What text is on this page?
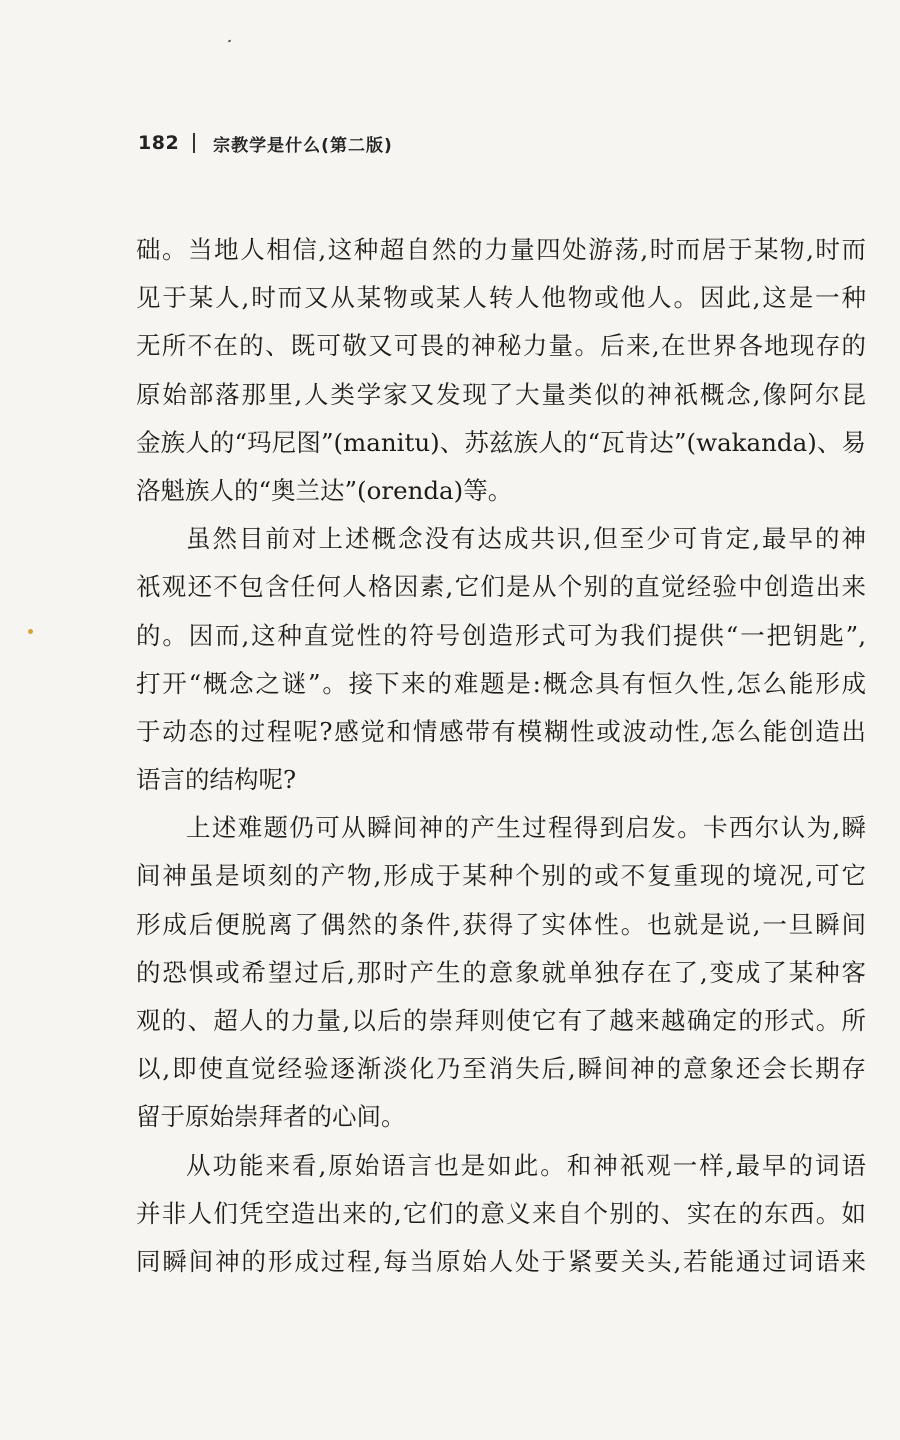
182 宗教学是什么(第二版)
础。当地人相信,这种超自然的力量四处游荡,时而居于某物,时而
见于某人,时而又从某物或某人转人他物或他人。因此,这是一种
无所不在的、既可敬又可畏的神秘力量。后来,在世界各地现存的
原始部落那里,人类学家又发现了大量类似的神祇概念,像阿尔昆
金族人的“玛尼图”(manitu)、苏兹族人的“瓦肯达”(wakanda)、易
洛魁族人的“奥兰达”(orenda)等。
虽然目前对上述概念没有达成共识,但至少可肯定,最早的神
祇观还不包含任何人格因素,它们是从个别的直觉经验中创造出来
的。因而,这种直觉性的符号创造形式可为我们提供“一把钥匙”,
打开“概念之谜”。接下来的难题是:概念具有恒久性,怎么能形成
于动态的过程呢?感觉和情感带有模糊性或波动性,怎么能创造出
语言的结构呢?
上述难题仍可从瞬间神的产生过程得到启发。卡西尔认为,瞬
间神虽是顷刻的产物,形成于某种个别的或不复重现的境况,可它
形成后便脱离了偶然的条件,获得了实体性。也就是说,一旦瞬间
的恐惧或希望过后,那时产生的意象就单独存在了,变成了某种客
观的、超人的力量,以后的崇拜则使它有了越来越确定的形式。所
以,即使直觉经验逐渐淡化乃至消失后,瞬间神的意象还会长期存
留于原始崇拜者的心间。
从功能来看,原始语言也是如此。和神祇观一样,最早的词语
并非人们凭空造出来的,它们的意义来自个别的、实在的东西。如
同瞬间神的形成过程,每当原始人处于紧要关头,若能通过词语来
